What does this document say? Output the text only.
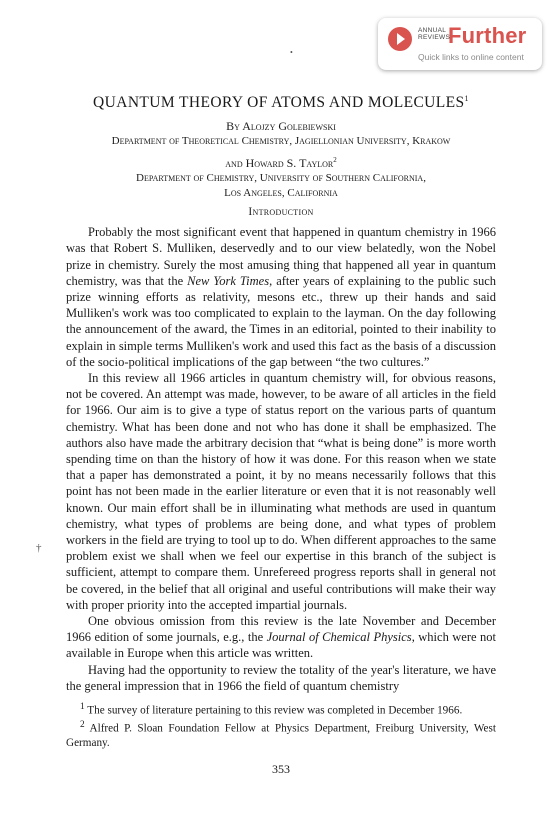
ANNUAL
REVIEWS
Further
Quick links to online content
•
†
QUANTUM THEORY OF ATOMS AND MOLECULES$^1$
By Alojzy Golebiewski
Department of Theoretical Chemistry, Jagiellonian University, Krakow
and Howard S. Taylor$^2$
Department of Chemistry, University of Southern California,
Los Angeles, California
Introduction

Probably the most significant event that happened in quantum chemistry in 1966 was that Robert S. Mulliken, deservedly and to our view belatedly, won the Nobel prize in chemistry. Surely the most amusing thing that happened all year in quantum chemistry, was that the New York Times, after years of explaining to the public such prize winning efforts as relativity, mesons etc., threw up their hands and said Mulliken's work was too complicated to explain to the layman. On the day following the announcement of the award, the Times in an editorial, pointed to their inability to explain in simple terms Mulliken's work and used this fact as the basis of a discussion of the socio-political implications of the gap between “the two cultures.”

In this review all 1966 articles in quantum chemistry will, for obvious reasons, not be covered. An attempt was made, however, to be aware of all articles in the field for 1966. Our aim is to give a type of status report on the various parts of quantum chemistry. What has been done and not who has done it shall be emphasized. The authors also have made the arbitrary decision that “what is being done” is more worth spending time on than the history of how it was done. For this reason when we state that a paper has demonstrated a point, it by no means necessarily follows that this point has not been made in the earlier literature or even that it is not reasonably well known. Our main effort shall be in illuminating what methods are used in quantum chemistry, what types of problems are being done, and what types of problem workers in the field are trying to tool up to do. When different approaches to the same problem exist we shall when we feel our expertise in this branch of the subject is sufficient, attempt to compare them. Unrefereed progress reports shall in general not be covered, in the belief that all original and useful contributions will make their way with proper priority into the accepted impartial journals.

One obvious omission from this review is the late November and December 1966 edition of some journals, e.g., the Journal of Chemical Physics, which were not available in Europe when this article was written.

Having had the opportunity to review the totality of the year's literature, we have the general impression that in 1966 the field of quantum chemistry

$^1$ The survey of literature pertaining to this review was completed in December 1966.

$^2$ Alfred P. Sloan Foundation Fellow at Physics Department, Freiburg University, West Germany.

353
